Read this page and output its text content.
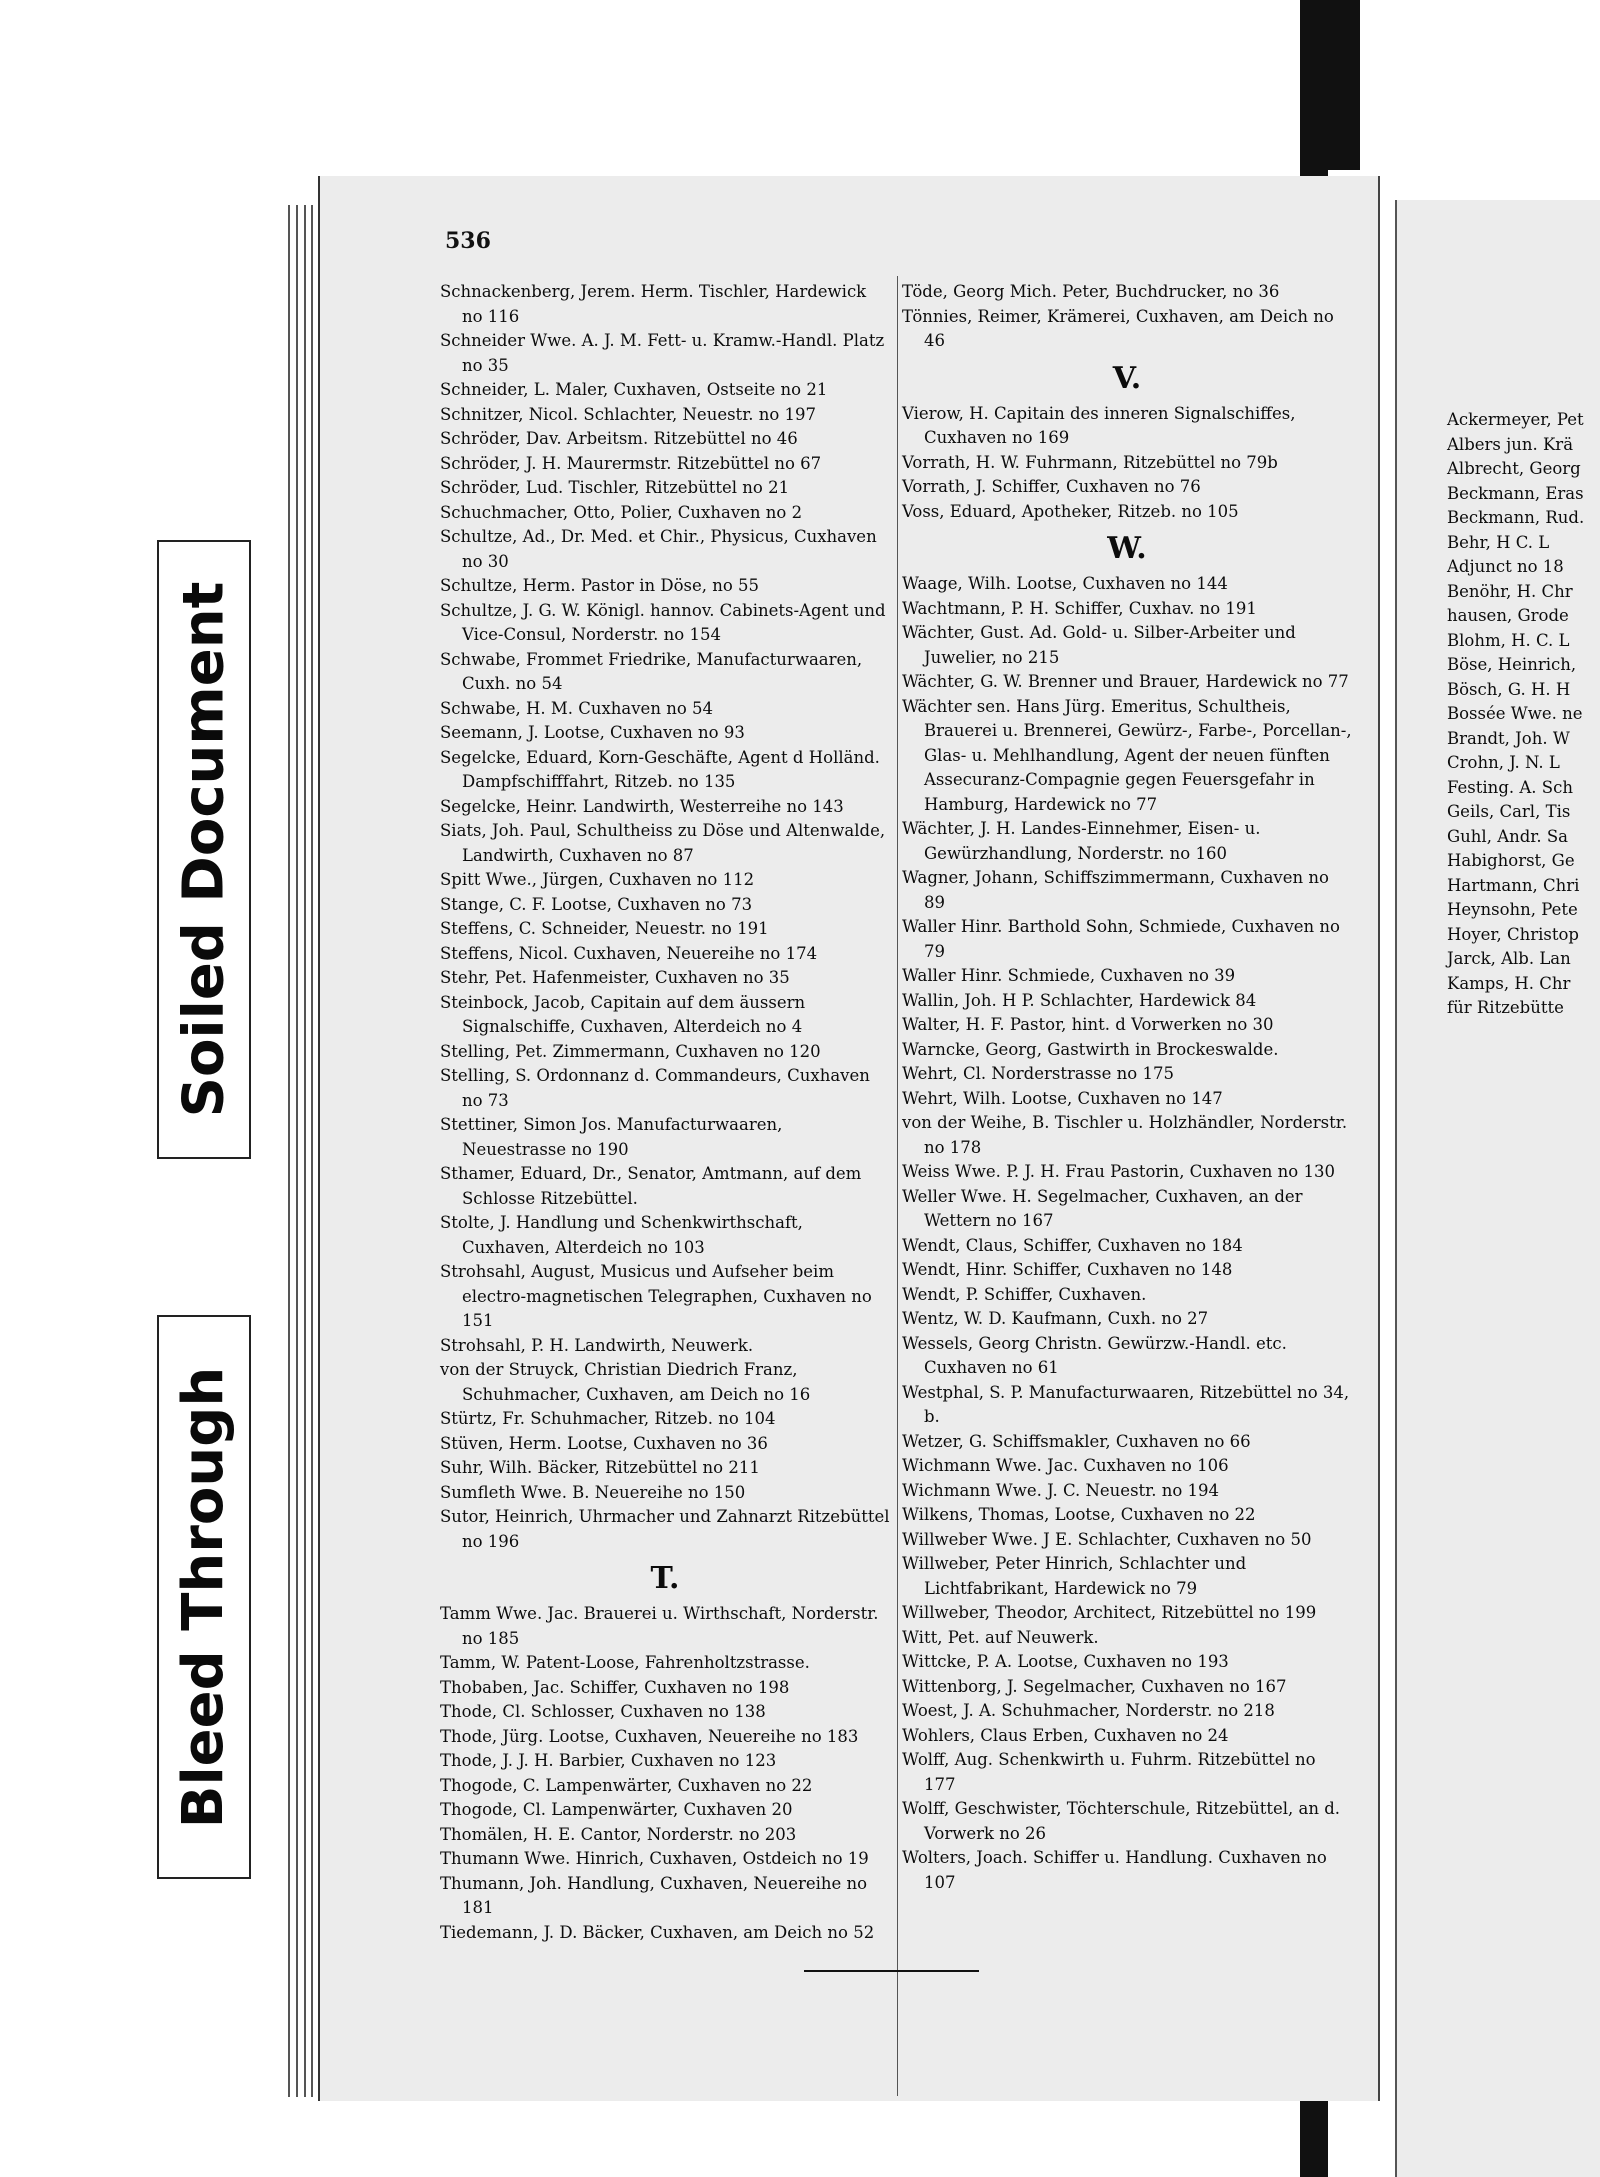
536
Schnackenberg, Jerem. Herm. Tischler, Hardewick no 116
Schneider Wwe. A. J. M. Fett- u. Kramw.-Handl. Platz no 35
Schneider, L. Maler, Cuxhaven, Ostseite no 21
Schnitzer, Nicol. Schlachter, Neuestr. no 197
Schröder, Dav. Arbeitsm. Ritzebüttel no 46
Schröder, J. H. Maurermstr. Ritzebüttel no 67
Schröder, Lud. Tischler, Ritzebüttel no 21
Schuchmacher, Otto, Polier, Cuxhaven no 2
Schultze, Ad., Dr. Med. et Chir., Physicus, Cuxhaven no 30
Schultze, Herm. Pastor in Döse, no 55
Schultze, J. G. W. Königl. hannov. Cabinets-Agent und Vice-Consul, Norderstr. no 154
Schwabe, Frommet Friedrike, Manufacturwaaren, Cuxh. no 54
Schwabe, H. M. Cuxhaven no 54
Seemann, J. Lootse, Cuxhaven no 93
Segelcke, Eduard, Korn-Geschäfte, Agent d Holländ. Dampfschifffahrt, Ritzeb. no 135
Segelcke, Heinr. Landwirth, Westerreihe no 143
Siats, Joh. Paul, Schultheiss zu Döse und Altenwalde, Landwirth, Cuxhaven no 87
Spitt Wwe., Jürgen, Cuxhaven no 112
Stange, C. F. Lootse, Cuxhaven no 73
Steffens, C. Schneider, Neuestr. no 191
Steffens, Nicol. Cuxhaven, Neuereihe no 174
Stehr, Pet. Hafenmeister, Cuxhaven no 35
Steinbock, Jacob, Capitain auf dem äussern Signalschiffe, Cuxhaven, Alterdeich no 4
Stelling, Pet. Zimmermann, Cuxhaven no 120
Stelling, S. Ordonnanz d. Commandeurs, Cuxhaven no 73
Stettiner, Simon Jos. Manufacturwaaren, Neuestrasse no 190
Sthamer, Eduard, Dr., Senator, Amtmann, auf dem Schlosse Ritzebüttel.
Stolte, J. Handlung und Schenkwirthschaft, Cuxhaven, Alterdeich no 103
Strohsahl, August, Musicus und Aufseher beim electro-magnetischen Telegraphen, Cuxhaven no 151
Strohsahl, P. H. Landwirth, Neuwerk.
von der Struyck, Christian Diedrich Franz, Schuhmacher, Cuxhaven, am Deich no 16
Stürtz, Fr. Schuhmacher, Ritzeb. no 104
Stüven, Herm. Lootse, Cuxhaven no 36
Suhr, Wilh. Bäcker, Ritzebüttel no 211
Sumfleth Wwe. B. Neuereihe no 150
Sutor, Heinrich, Uhrmacher und Zahnarzt Ritzebüttel no 196
T.
Tamm Wwe. Jac. Brauerei u. Wirthschaft, Norderstr. no 185
Tamm, W. Patent-Loose, Fahrenholtzstrasse.
Thobaben, Jac. Schiffer, Cuxhaven no 198
Thode, Cl. Schlosser, Cuxhaven no 138
Thode, Jürg. Lootse, Cuxhaven, Neuereihe no 183
Thode, J. J. H. Barbier, Cuxhaven no 123
Thogode, C. Lampenwärter, Cuxhaven no 22
Thogode, Cl. Lampenwärter, Cuxhaven 20
Thomälen, H. E. Cantor, Norderstr. no 203
Thumann Wwe. Hinrich, Cuxhaven, Ostdeich no 19
Thumann, Joh. Handlung, Cuxhaven, Neuereihe no 181
Tiedemann, J. D. Bäcker, Cuxhaven, am Deich no 52
Töde, Georg Mich. Peter, Buchdrucker, no 36
Tönnies, Reimer, Krämerei, Cuxhaven, am Deich no 46
V.
Vierow, H. Capitain des inneren Signalschiffes, Cuxhaven no 169
Vorrath, H. W. Fuhrmann, Ritzebüttel no 79b
Vorrath, J. Schiffer, Cuxhaven no 76
Voss, Eduard, Apotheker, Ritzeb. no 105
W.
Waage, Wilh. Lootse, Cuxhaven no 144
Wachtmann, P. H. Schiffer, Cuxhav. no 191
Wächter, Gust. Ad. Gold- u. Silber-Arbeiter und Juwelier, no 215
Wächter, G. W. Brenner und Brauer, Hardewick no 77
Wächter sen. Hans Jürg. Emeritus, Schultheis, Brauerei u. Brennerei, Gewürz-, Farbe-, Porcellan-, Glas- u. Mehlhandlung, Agent der neuen fünften Assecuranz-Compagnie gegen Feuersgefahr in Hamburg, Hardewick no 77
Wächter, J. H. Landes-Einnehmer, Eisen- u. Gewürzhandlung, Norderstr. no 160
Wagner, Johann, Schiffszimmermann, Cuxhaven no 89
Waller Hinr. Barthold Sohn, Schmiede, Cuxhaven no 79
Waller Hinr. Schmiede, Cuxhaven no 39
Wallin, Joh. H P. Schlachter, Hardewick 84
Walter, H. F. Pastor, hint. d Vorwerken no 30
Warncke, Georg, Gastwirth in Brockeswalde.
Wehrt, Cl. Norderstrasse no 175
Wehrt, Wilh. Lootse, Cuxhaven no 147
von der Weihe, B. Tischler u. Holzhändler, Norderstr. no 178
Weiss Wwe. P. J. H. Frau Pastorin, Cuxhaven no 130
Weller Wwe. H. Segelmacher, Cuxhaven, an der Wettern no 167
Wendt, Claus, Schiffer, Cuxhaven no 184
Wendt, Hinr. Schiffer, Cuxhaven no 148
Wendt, P. Schiffer, Cuxhaven.
Wentz, W. D. Kaufmann, Cuxh. no 27
Wessels, Georg Christn. Gewürzw.-Handl. etc. Cuxhaven no 61
Westphal, S. P. Manufacturwaaren, Ritzebüttel no 34, b.
Wetzer, G. Schiffsmakler, Cuxhaven no 66
Wichmann Wwe. Jac. Cuxhaven no 106
Wichmann Wwe. J. C. Neuestr. no 194
Wilkens, Thomas, Lootse, Cuxhaven no 22
Willweber Wwe. J E. Schlachter, Cuxhaven no 50
Willweber, Peter Hinrich, Schlachter und Lichtfabrikant, Hardewick no 79
Willweber, Theodor, Architect, Ritzebüttel no 199
Witt, Pet. auf Neuwerk.
Wittcke, P. A. Lootse, Cuxhaven no 193
Wittenborg, J. Segelmacher, Cuxhaven no 167
Woest, J. A. Schuhmacher, Norderstr. no 218
Wohlers, Claus Erben, Cuxhaven no 24
Wolff, Aug. Schenkwirth u. Fuhrm. Ritzebüttel no 177
Wolff, Geschwister, Töchterschule, Ritzebüttel, an d. Vorwerk no 26
Wolters, Joach. Schiffer u. Handlung. Cuxhaven no 107
Ackermeyer, Pet
Albers jun. Krä
Albrecht, Georg
Beckmann, Eras
Beckmann, Rud.
Behr, H C. L
Adjunct no 18
Benöhr, H. Chr
hausen, Grode
Blohm, H. C. L
Böse, Heinrich,
Bösch, G. H. H
Bossée Wwe. ne
Brandt, Joh. W
Crohn, J. N. L
Festing. A. Sch
Geils, Carl, Tis
Guhl, Andr. Sa
Habighorst, Ge
Hartmann, Chri
Heynsohn, Pete
Hoyer, Christop
Jarck, Alb. Lan
Kamps, H. Chr
für Ritzebütte
Soiled Document
Bleed Through
